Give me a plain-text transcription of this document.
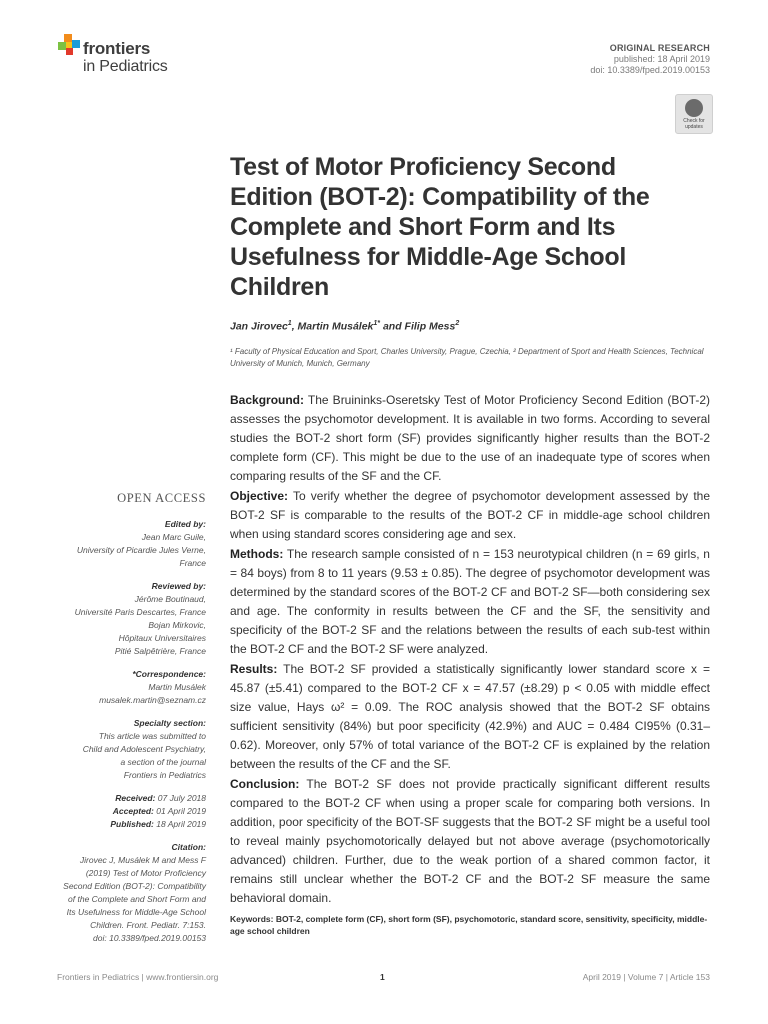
frontiers
in Pediatrics
ORIGINAL RESEARCH
published: 18 April 2019
doi: 10.3389/fped.2019.00153
Check for updates
Test of Motor Proficiency Second Edition (BOT-2): Compatibility of the Complete and Short Form and Its Usefulness for Middle-Age School Children
Jan Jirovec$^1$, Martin Musálek$^{1*}$ and Filip Mess$^2$
¹ Faculty of Physical Education and Sport, Charles University, Prague, Czechia, ² Department of Sport and Health Sciences, Technical University of Munich, Munich, Germany

Background: The Bruininks-Oseretsky Test of Motor Proficiency Second Edition (BOT-2) assesses the psychomotor development. It is available in two forms. According to several studies the BOT-2 short form (SF) provides significantly higher results than the BOT-2 complete form (CF). This might be due to the use of an inadequate type of scores when comparing results of the SF and the CF.

Objective: To verify whether the degree of psychomotor development assessed by the BOT-2 SF is comparable to the results of the BOT-2 CF in middle-age school children when using standard scores considering age and sex.

Methods: The research sample consisted of n = 153 neurotypical children (n = 69 girls, n = 84 boys) from 8 to 11 years (9.53 ± 0.85). The degree of psychomotor development was determined by the standard scores of the BOT-2 CF and BOT-2 SF—both considering sex and age. The conformity in results between the CF and the SF, the sensitivity and specificity of the BOT-2 SF and the relations between the results of each sub-test within the BOT-2 CF and the BOT-2 SF were analyzed.

Results: The BOT-2 SF provided a statistically significantly lower standard score x = 45.87 (±5.41) compared to the BOT-2 CF x = 47.57 (±8.29) p < 0.05 with middle effect size value, Hays ω² = 0.09. The ROC analysis showed that the BOT-2 SF obtains sufficient sensitivity (84%) but poor specificity (42.9%) and AUC = 0.484 CI95% (0.31–0.62). Moreover, only 57% of total variance of the BOT-2 CF is explained by the relation between the results of the CF and the SF.

Conclusion: The BOT-2 SF does not provide practically significant different results compared to the BOT-2 CF when using a proper scale for comparing both versions. In addition, poor specificity of the BOT-SF suggests that the BOT-2 SF might be a useful tool to reveal mainly psychomotorically delayed but not above average (psychomotorically advanced) children. Further, due to the weak portion of a shared common factor, it remains still unclear whether the BOT-2 CF and the BOT-2 SF measure the same behavioral domain.

Keywords: BOT-2, complete form (CF), short form (SF), psychomotoric, standard score, sensitivity, specificity, middle-age school children
OPEN ACCESS
Edited by:
Jean Marc Guile,
University of Picardie Jules Verne,
France
Reviewed by:
Jérôme Boutinaud,
Université Paris Descartes, France
Bojan Mirkovic,
Hôpitaux Universitaires
Pitié Salpêtrière, France
*Correspondence:
Martin Musálek
musalek.martin@seznam.cz
Specialty section:
This article was submitted to
Child and Adolescent Psychiatry,
a section of the journal
Frontiers in Pediatrics
Received: 07 July 2018
Accepted: 01 April 2019
Published: 18 April 2019
Citation:
Jirovec J, Musálek M and Mess F
(2019) Test of Motor Proficiency
Second Edition (BOT-2): Compatibility
of the Complete and Short Form and
Its Usefulness for Middle-Age School
Children. Front. Pediatr. 7:153.
doi: 10.3389/fped.2019.00153
Frontiers in Pediatrics | www.frontiersin.org	1	April 2019 | Volume 7 | Article 153
